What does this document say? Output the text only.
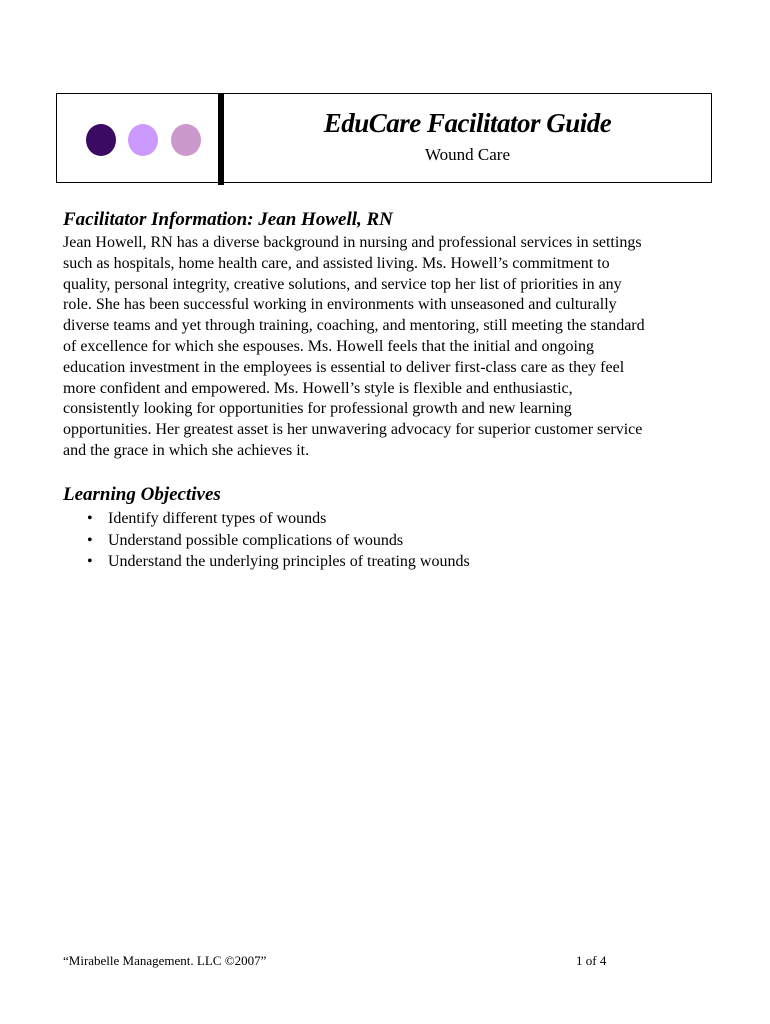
EduCare Facilitator Guide
Wound Care
Facilitator Information: Jean Howell, RN

Jean Howell, RN has a diverse background in nursing and professional services in settings
such as hospitals, home health care, and assisted living. Ms. Howell’s commitment to
quality, personal integrity, creative solutions, and service top her list of priorities in any
role. She has been successful working in environments with unseasoned and culturally
diverse teams and yet through training, coaching, and mentoring, still meeting the standard
of excellence for which she espouses. Ms. Howell feels that the initial and ongoing
education investment in the employees is essential to deliver first-class care as they feel
more confident and empowered. Ms. Howell’s style is flexible and enthusiastic,
consistently looking for opportunities for professional growth and new learning
opportunities. Her greatest asset is her unwavering advocacy for superior customer service
and the grace in which she achieves it.

Learning Objectives
• Identify different types of wounds
• Understand possible complications of wounds
• Understand the underlying principles of treating wounds
“Mirabelle Management. LLC ©2007”	1 of 4
